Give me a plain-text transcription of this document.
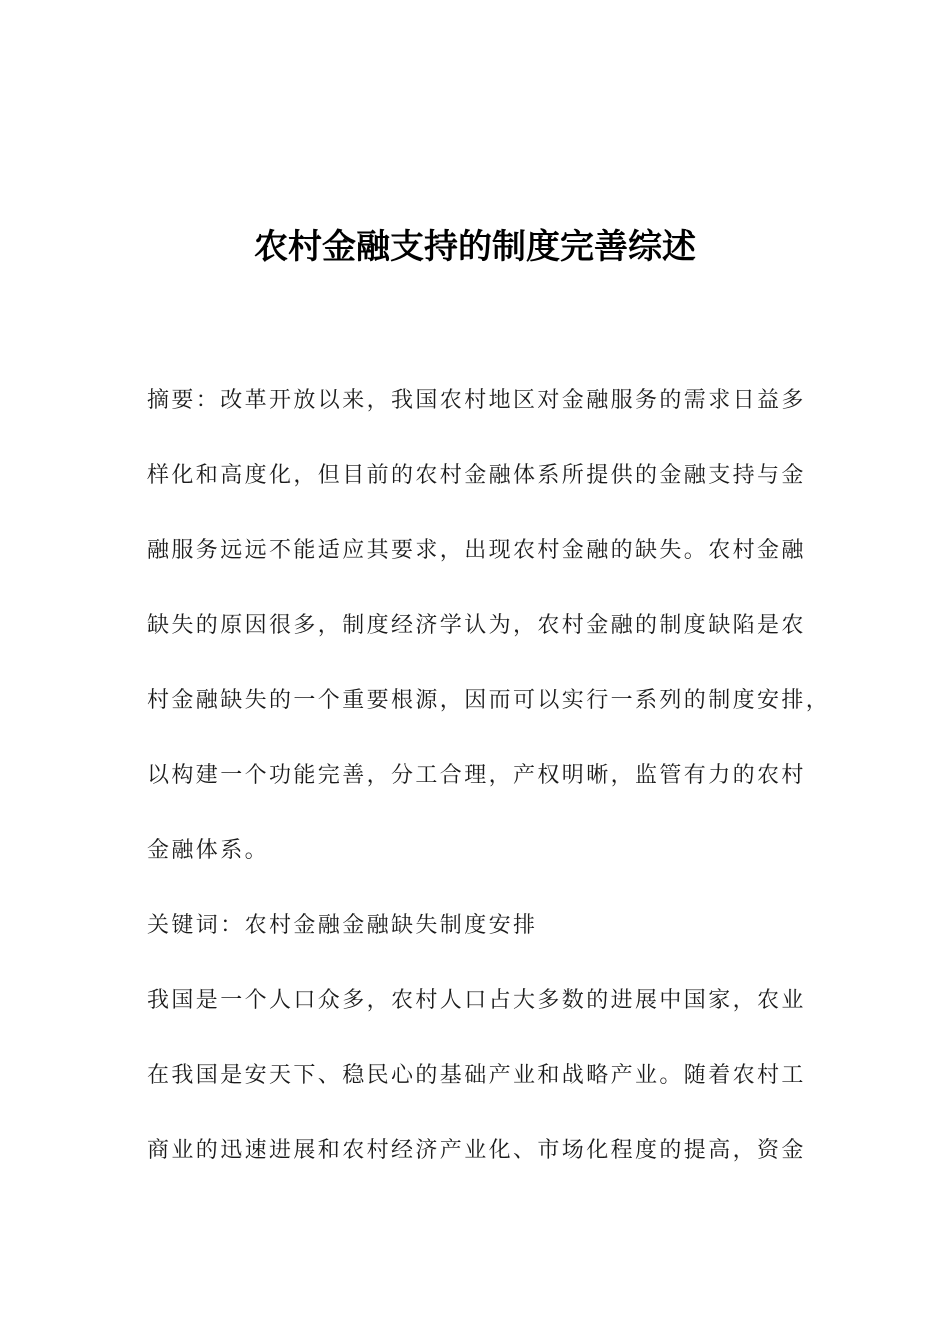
农村金融支持的制度完善综述
摘要：改革开放以来，我国农村地区对金融服务的需求日益多
样化和高度化，但目前的农村金融体系所提供的金融支持与金
融服务远远不能适应其要求，出现农村金融的缺失。农村金融
缺失的原因很多，制度经济学认为，农村金融的制度缺陷是农
村金融缺失的一个重要根源，因而可以实行一系列的制度安排，
以构建一个功能完善，分工合理，产权明晰，监管有力的农村
金融体系。
关键词：农村金融金融缺失制度安排
我国是一个人口众多，农村人口占大多数的进展中国家，农业
在我国是安天下、稳民心的基础产业和战略产业。随着农村工
商业的迅速进展和农村经济产业化、市场化程度的提高，资金
